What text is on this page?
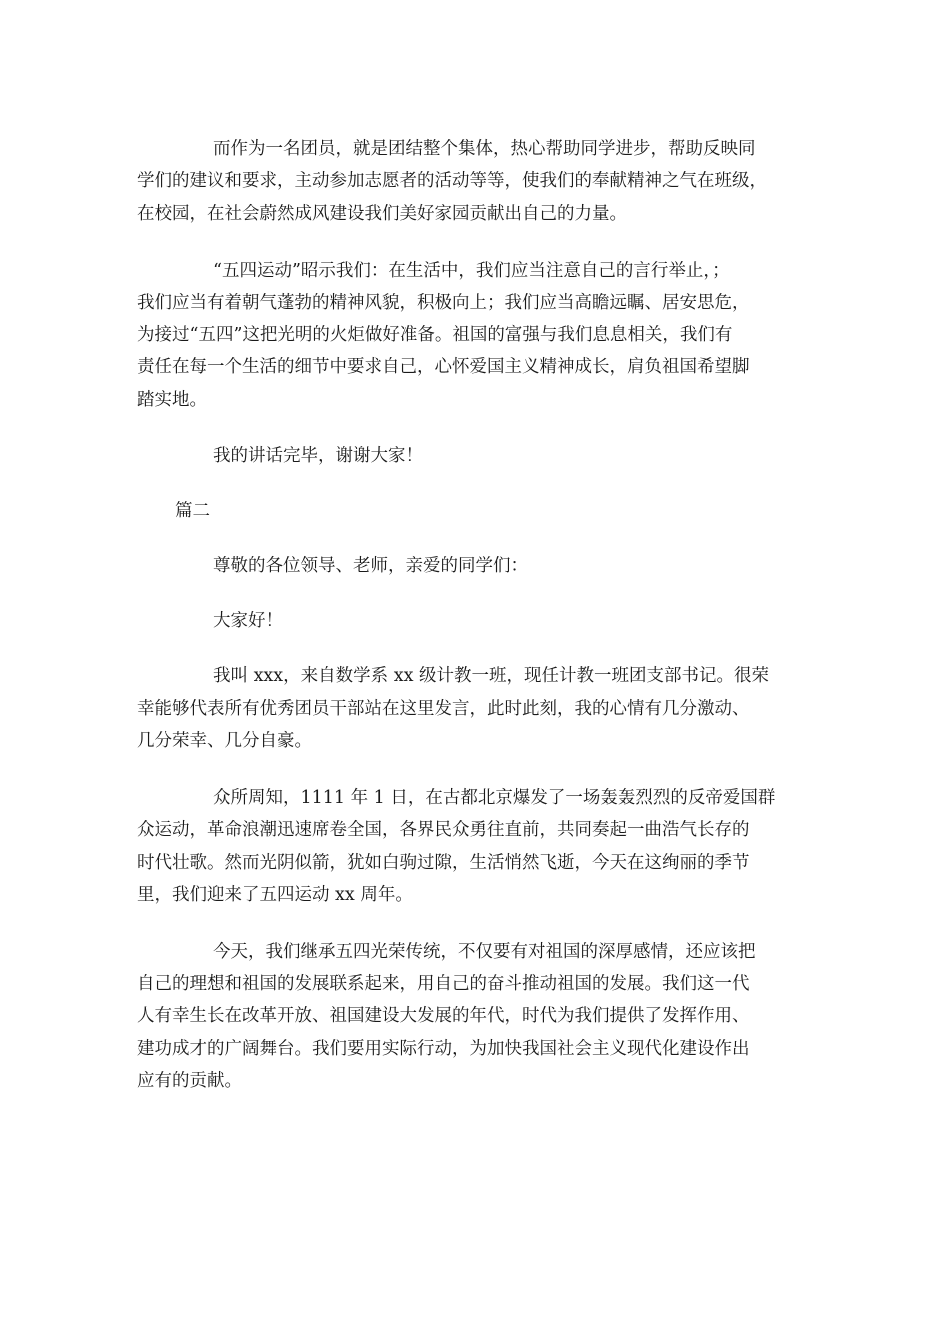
而作为一名团员，就是团结整个集体，热心帮助同学进步，帮助反映同

学们的建议和要求，主动参加志愿者的活动等等，使我们的奉献精神之气在班级，

在校园，在社会蔚然成风建设我们美好家园贡献出自己的力量。

“五四运动”昭示我们：在生活中，我们应当注意自己的言行举止，；

我们应当有着朝气蓬勃的精神风貌，积极向上；我们应当高瞻远瞩、居安思危，

为接过“五四”这把光明的火炬做好准备。祖国的富强与我们息息相关，我们有

责任在每一个生活的细节中要求自己，心怀爱国主义精神成长，肩负祖国希望脚

踏实地。

我的讲话完毕，谢谢大家！

篇二

尊敬的各位领导、老师，亲爱的同学们：

大家好！

我叫 xxx，来自数学系 xx 级计教一班，现任计教一班团支部书记。很荣

幸能够代表所有优秀团员干部站在这里发言，此时此刻，我的心情有几分激动、

几分荣幸、几分自豪。

众所周知，1111 年 1 日，在古都北京爆发了一场轰轰烈烈的反帝爱国群

众运动，革命浪潮迅速席卷全国，各界民众勇往直前，共同奏起一曲浩气长存的

时代壮歌。然而光阴似箭，犹如白驹过隙，生活悄然飞逝，今天在这绚丽的季节

里，我们迎来了五四运动 xx 周年。

今天，我们继承五四光荣传统，不仅要有对祖国的深厚感情，还应该把

自己的理想和祖国的发展联系起来，用自己的奋斗推动祖国的发展。我们这一代

人有幸生长在改革开放、祖国建设大发展的年代，时代为我们提供了发挥作用、

建功成才的广阔舞台。我们要用实际行动，为加快我国社会主义现代化建设作出

应有的贡献。
